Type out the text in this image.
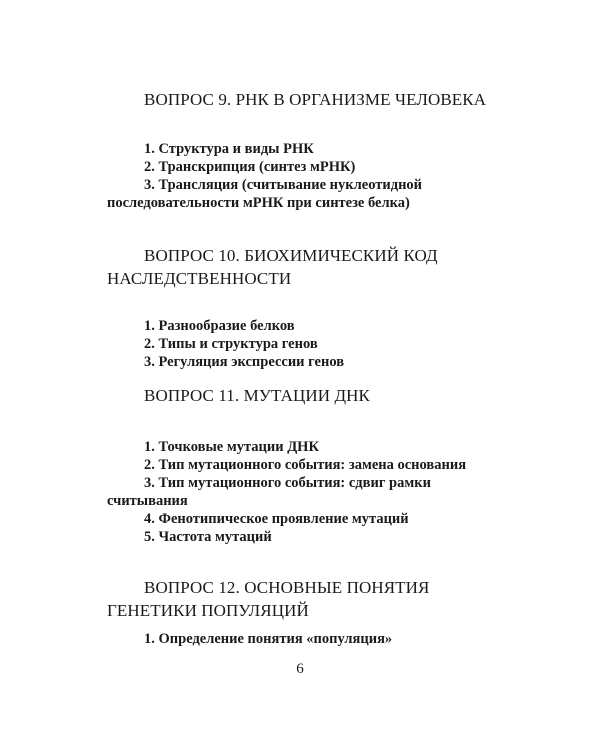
ВОПРОС 9. РНК В ОРГАНИЗМЕ ЧЕЛОВЕКА
1. Структура и виды РНК
2. Транскрипция (синтез мРНК)
3. Трансляция (считывание нуклеотидной последовательности мРНК при синтезе белка)
ВОПРОС 10. БИОХИМИЧЕСКИЙ КОД НАСЛЕДСТВЕННОСТИ
1. Разнообразие белков
2. Типы и структура генов
3. Регуляция экспрессии генов
ВОПРОС 11. МУТАЦИИ ДНК
1. Точковые мутации ДНК
2. Тип мутационного события: замена основания
3. Тип мутационного события: сдвиг рамки считывания
4. Фенотипическое проявление мутаций
5. Частота мутаций
ВОПРОС 12. ОСНОВНЫЕ ПОНЯТИЯ ГЕНЕТИКИ ПОПУЛЯЦИЙ
1. Определение понятия «популяция»
6
